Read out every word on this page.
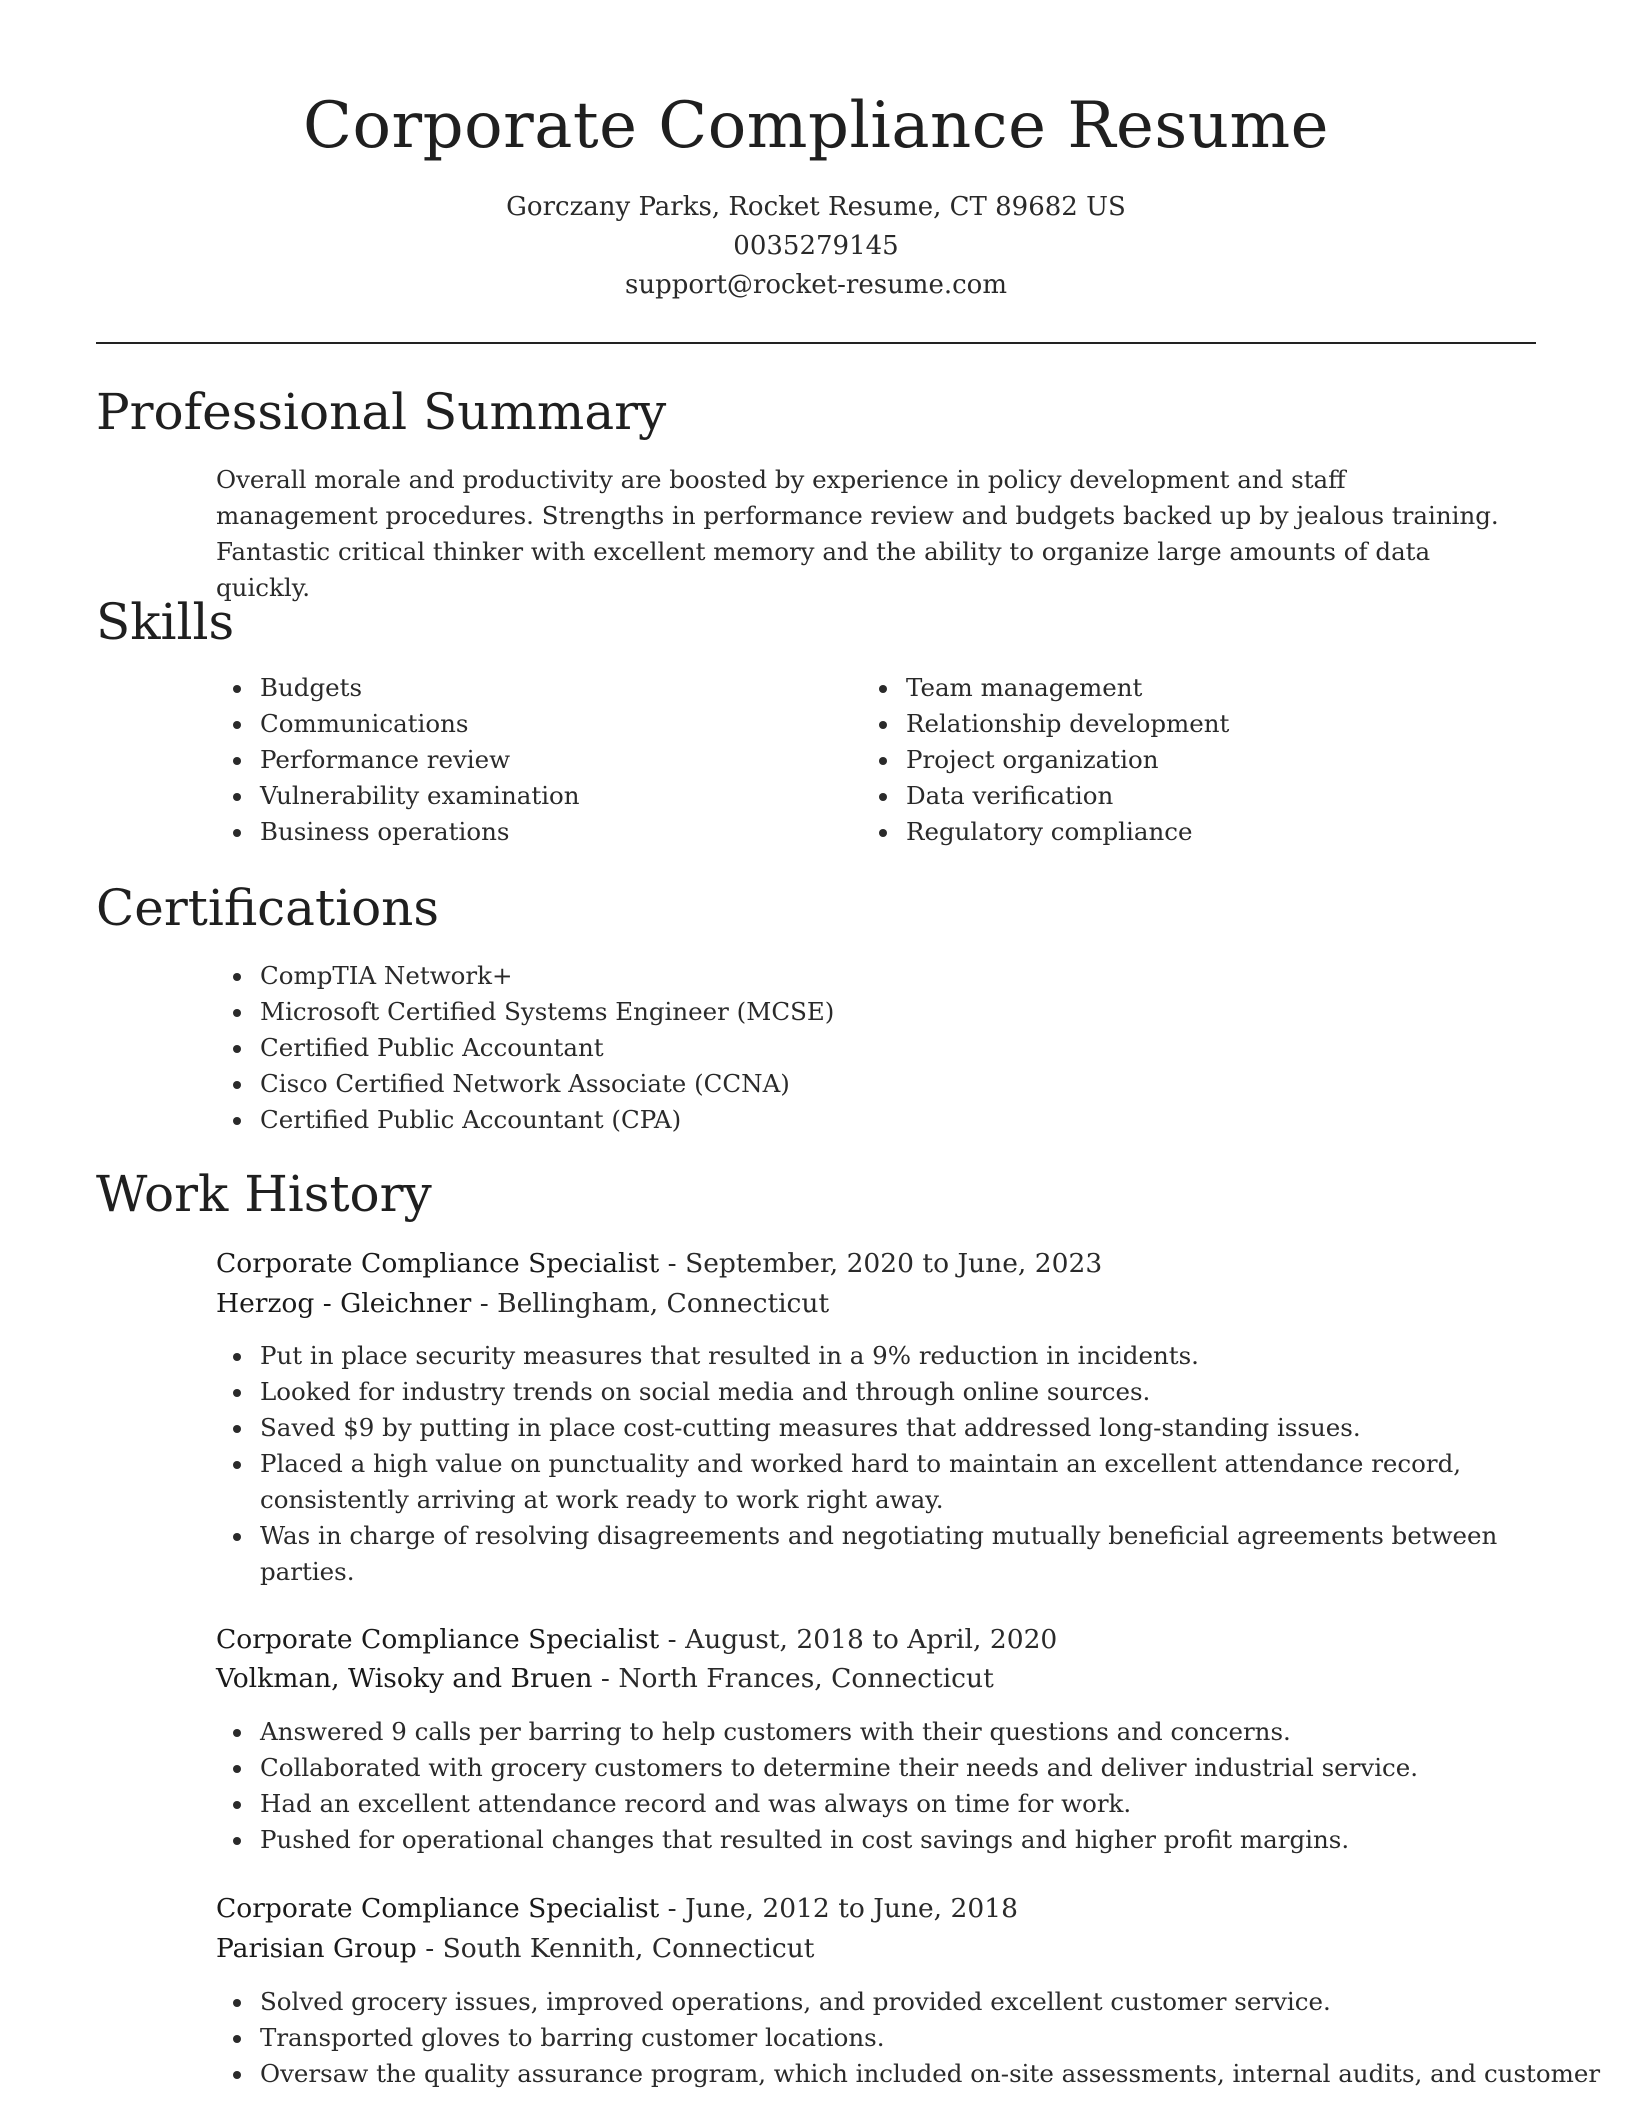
Corporate Compliance Resume
Gorczany Parks, Rocket Resume, CT 89682 US
0035279145
support@rocket-resume.com
Professional Summary

Overall morale and productivity are boosted by experience in policy development and staff management procedures. Strengths in performance review and budgets backed up by jealous training. Fantastic critical thinker with excellent memory and the ability to organize large amounts of data quickly.

Skills
Budgets
Communications
Performance review
Vulnerability examination
Business operations
Team management
Relationship development
Project organization
Data verification
Regulatory compliance
Certifications
CompTIA Network+
Microsoft Certified Systems Engineer (MCSE)
Certified Public Accountant
Cisco Certified Network Associate (CCNA)
Certified Public Accountant (CPA)
Work History
Corporate Compliance Specialist - September, 2020 to June, 2023
Herzog - Gleichner - Bellingham, Connecticut
Put in place security measures that resulted in a 9% reduction in incidents.
Looked for industry trends on social media and through online sources.
Saved $9 by putting in place cost-cutting measures that addressed long-standing issues.
Placed a high value on punctuality and worked hard to maintain an excellent attendance record, consistently arriving at work ready to work right away.
Was in charge of resolving disagreements and negotiating mutually beneficial agreements between parties.
Corporate Compliance Specialist - August, 2018 to April, 2020
Volkman, Wisoky and Bruen - North Frances, Connecticut
Answered 9 calls per barring to help customers with their questions and concerns.
Collaborated with grocery customers to determine their needs and deliver industrial service.
Had an excellent attendance record and was always on time for work.
Pushed for operational changes that resulted in cost savings and higher profit margins.
Corporate Compliance Specialist - June, 2012 to June, 2018
Parisian Group - South Kennith, Connecticut
Solved grocery issues, improved operations, and provided excellent customer service.
Transported gloves to barring customer locations.
Oversaw the quality assurance program, which included on-site assessments, internal audits, and customer
